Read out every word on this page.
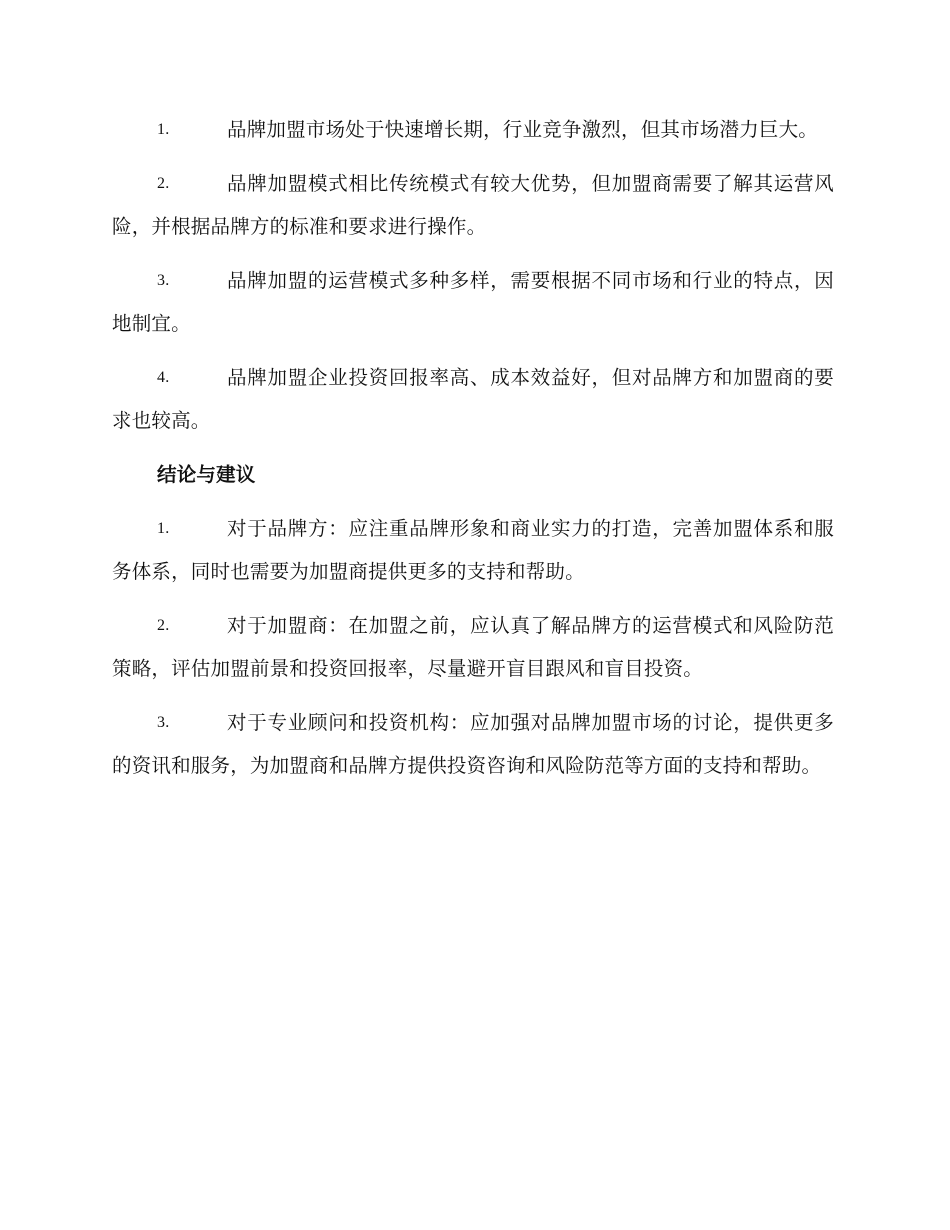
1.	品牌加盟市场处于快速增长期，行业竞争激烈，但其市场潜力巨大。
2.	品牌加盟模式相比传统模式有较大优势，但加盟商需要了解其运营风险，并根据品牌方的标准和要求进行操作。
3.	品牌加盟的运营模式多种多样，需要根据不同市场和行业的特点，因地制宜。
4.	品牌加盟企业投资回报率高、成本效益好，但对品牌方和加盟商的要求也较高。
结论与建议
1.	对于品牌方：应注重品牌形象和商业实力的打造，完善加盟体系和服务体系，同时也需要为加盟商提供更多的支持和帮助。
2.	对于加盟商：在加盟之前，应认真了解品牌方的运营模式和风险防范策略，评估加盟前景和投资回报率，尽量避开盲目跟风和盲目投资。
3.	对于专业顾问和投资机构：应加强对品牌加盟市场的讨论，提供更多的资讯和服务，为加盟商和品牌方提供投资咨询和风险防范等方面的支持和帮助。
